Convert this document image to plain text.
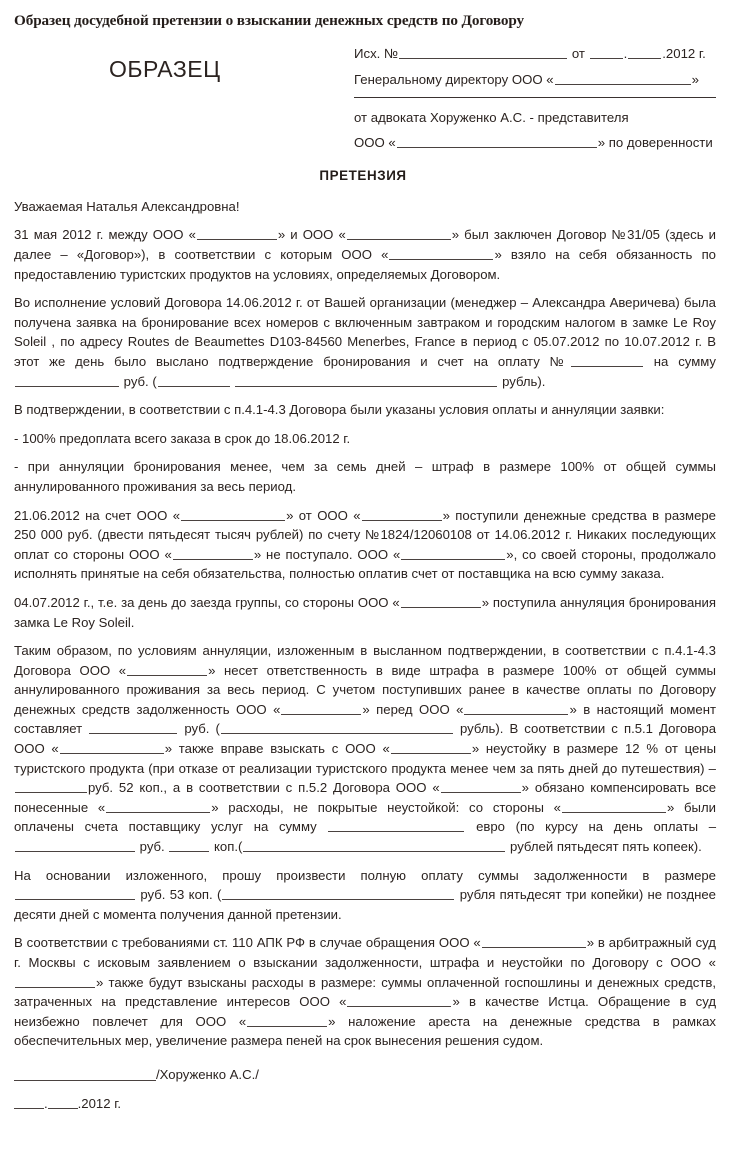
Образец досудебной претензии о взыскании денежных средств по Договору
ОБРАЗЕЦ
Исх. №	от	.	.2012 г.
Генеральному директору ООО «	»
от адвоката Хоруженко А.С. - представителя
ООО «	» по доверенности
ПРЕТЕНЗИЯ
Уважаемая Наталья Александровна!
31 мая 2012 г. между ООО «	» и ООО «	» был заключен Договор №31/05 (здесь и далее – «Договор»), в соответствии с которым ООО «	» взяло на себя обязанность по предоставлению туристских продуктов на условиях, определяемых Договором.
Во исполнение условий Договора 14.06.2012 г. от Вашей организации (менеджер – Александра Аверичева) была получена заявка на бронирование всех номеров с включенным завтраком и городским налогом в замке Le Roy Soleil , по адресу Routes de Beaumettes D103-84560 Menerbes, France в период с 05.07.2012 по 10.07.2012 г. В этот же день было выслано подтверждение бронирования и счет на оплату №	на сумму  руб. (	рубль).
В подтверждении, в соответствии с п.4.1-4.3 Договора были указаны условия оплаты и аннуляции заявки:
- 100% предоплата всего заказа в срок до 18.06.2012 г.
- при аннуляции бронирования менее, чем за семь дней – штраф в размере 100% от общей суммы аннулированного проживания за весь период.
21.06.2012 на счет ООО «	» от ООО «	» поступили денежные средства в размере 250 000 руб. (двести пятьдесят тысяч рублей) по счету №1824/12060108 от 14.06.2012 г. Никаких последующих оплат со стороны ООО «	» не поступало. ООО «	», со своей стороны, продолжало исполнять принятые на себя обязательства, полностью оплатив счет от поставщика на всю сумму заказа.
04.07.2012 г., т.е. за день до заезда группы, со стороны ООО «	» поступила аннуляция бронирования замка Le Roy Soleil.
Таким образом, по условиям аннуляции, изложенным в высланном подтверждении, в соответствии с п.4.1-4.3 Договора ООО «	» несет ответственность в виде штрафа в размере 100% от общей суммы аннулированного проживания за весь период. С учетом поступивших ранее в качестве оплаты по Договору денежных средств задолженность ООО «	» перед ООО «	» в настоящий момент составляет	руб. (	рубль). В соответствии с п.5.1 Договора ООО «	» также вправе взыскать с ООО «	» неустойку в размере 12 % от цены туристского продукта (при отказе от реализации туристского продукта менее чем за пять дней до путешествия) – руб. 52 коп., а в соответствии с п.5.2 Договора ООО «	» обязано компенсировать все понесенные «	» расходы, не покрытые неустойкой: со стороны «	» были оплачены счета поставщику услуг на сумму	евро (по курсу на день оплаты –  руб.	коп.(	рублей пятьдесят пять копеек).
На основании изложенного, прошу произвести полную оплату суммы задолженности в размере  руб. 53 коп. (	рубля пятьдесят три копейки) не позднее десяти дней с момента получения данной претензии.
В соответствии с требованиями ст. 110 АПК РФ в случае обращения ООО «	» в арбитражный суд г. Москвы с исковым заявлением о взыскании задолженности, штрафа и неустойки по Договору с ООО «» также будут взысканы расходы в размере: суммы оплаченной госпошлины и денежных средств, затраченных на представление интересов ООО «	» в качестве Истца. Обращение в суд неизбежно повлечет для ООО «	» наложение ареста на денежные средства в рамках обеспечительных мер, увеличение размера пеней на срок вынесения решения судом.
/Хоруженко А.С./
. .2012 г.
